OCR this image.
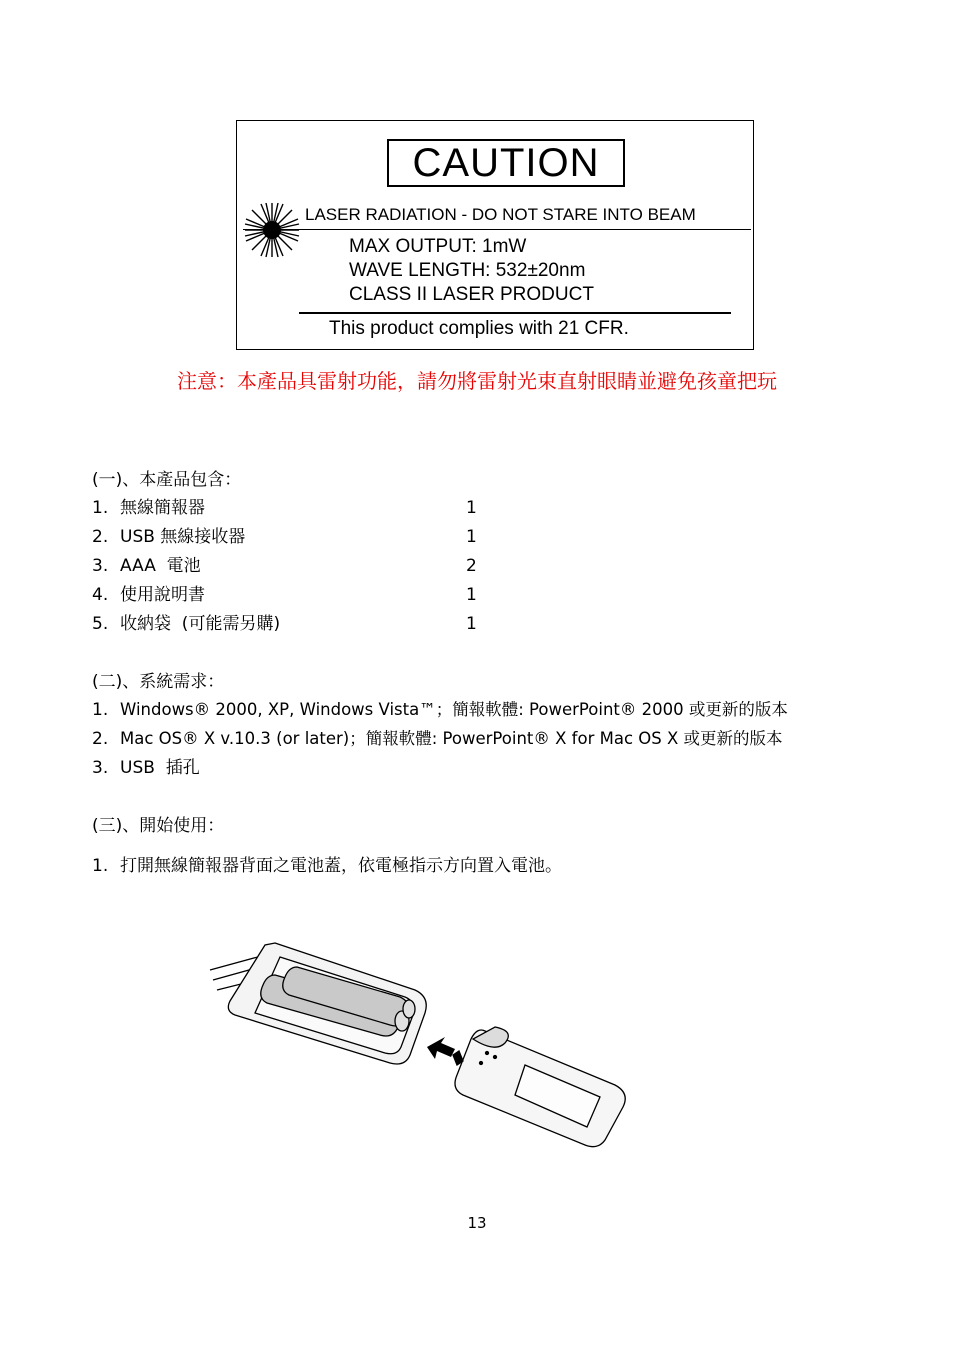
CAUTION
LASER RADIATION - DO NOT STARE INTO BEAM
MAX OUTPUT: 1mW
WAVE LENGTH: 532±20nm
CLASS II LASER PRODUCT
This product complies with 21 CFR.
注意：本產品具雷射功能，請勿將雷射光束直射眼睛並避免孩童把玩
(一)、本產品包含：
1. 無線簡報器	1
2. USB 無線接收器	1
3. AAA  電池	2
4. 使用說明書	1
5. 收納袋  (可能需另購)	1
(二)、系統需求：
1. Windows® 2000, XP, Windows Vista™；簡報軟體: PowerPoint® 2000 或更新的版本
2. Mac OS® X v.10.3 (or later)；簡報軟體: PowerPoint® X for Mac OS X 或更新的版本
3. USB  插孔
(三)、開始使用：
1. 打開無線簡報器背面之電池蓋，依電極指示方向置入電池。
13
